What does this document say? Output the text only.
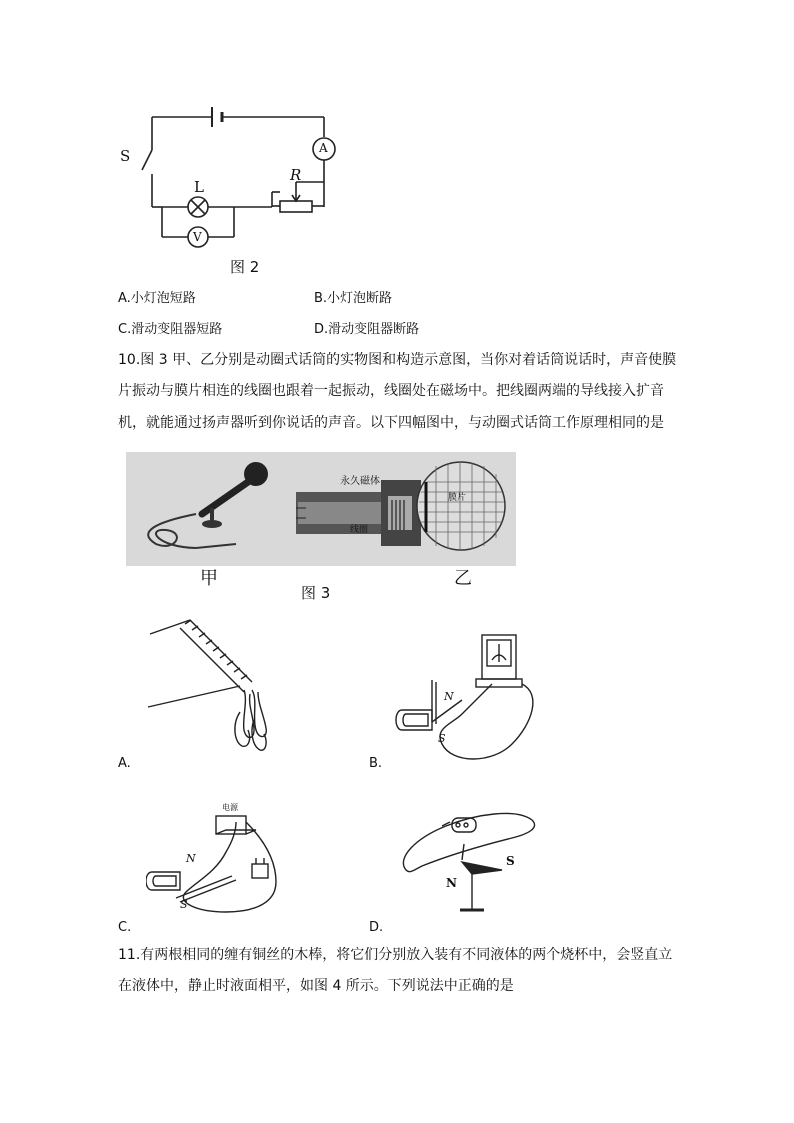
S
L
A
V
R
图 2
A.小灯泡短路	B.小灯泡断路
C.滑动变阻器短路	D.滑动变阻器断路
10.图 3 甲、乙分别是动圈式话筒的实物图和构造示意图，当你对着话筒说话时，声音使膜
片振动与膜片相连的线圈也跟着一起振动，线圈处在磁场中。把线圈两端的导线接入扩音
机，就能通过扬声器听到你说话的声音。以下四幅图中，与动圈式话筒工作原理相同的是
永久磁体
膜片
线圈
甲	乙
图 3
A.
N
S
B.
电源
N
S
C.
N
S
D.
11.有两根相同的缠有铜丝的木棒，将它们分别放入装有不同液体的两个烧杯中，会竖直立
在液体中，静止时液面相平，如图 4 所示。下列说法中正确的是
